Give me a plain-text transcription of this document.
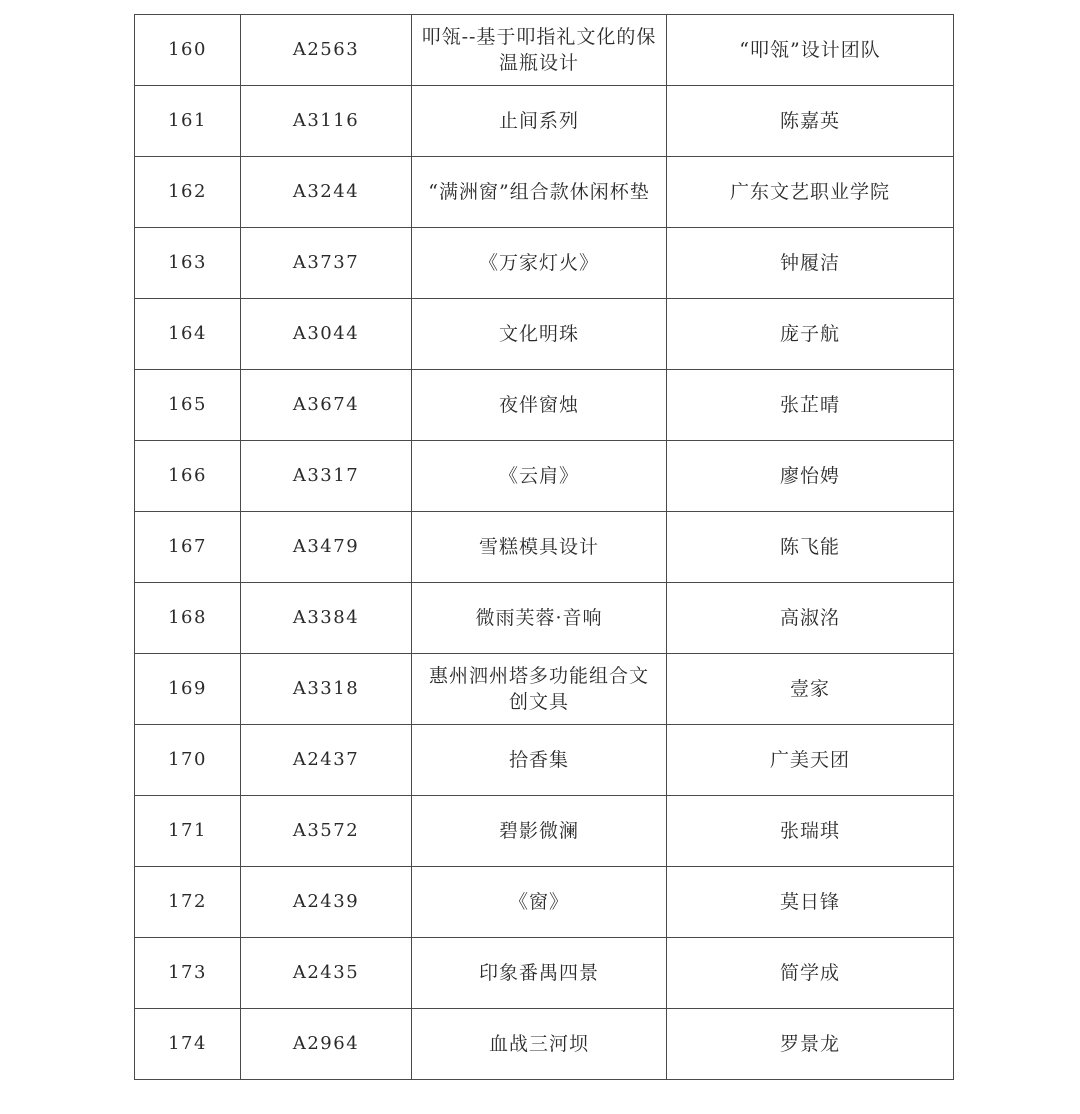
160	A2563	叩瓴--基于叩指礼文化的保温瓶设计	“叩瓴”设计团队
161	A3116	止间系列	陈嘉英
162	A3244	“满洲窗”组合款休闲杯垫	广东文艺职业学院
163	A3737	《万家灯火》	钟履洁
164	A3044	文化明珠	庞子航
165	A3674	夜伴窗烛	张芷晴
166	A3317	《云肩》	廖怡娉
167	A3479	雪糕模具设计	陈飞能
168	A3384	微雨芙蓉·音响	高淑洺
169	A3318	惠州泗州塔多功能组合文创文具	壹家
170	A2437	拾香集	广美天团
171	A3572	碧影微澜	张瑞琪
172	A2439	《窗》	莫日锋
173	A2435	印象番禺四景	简学成
174	A2964	血战三河坝	罗景龙
